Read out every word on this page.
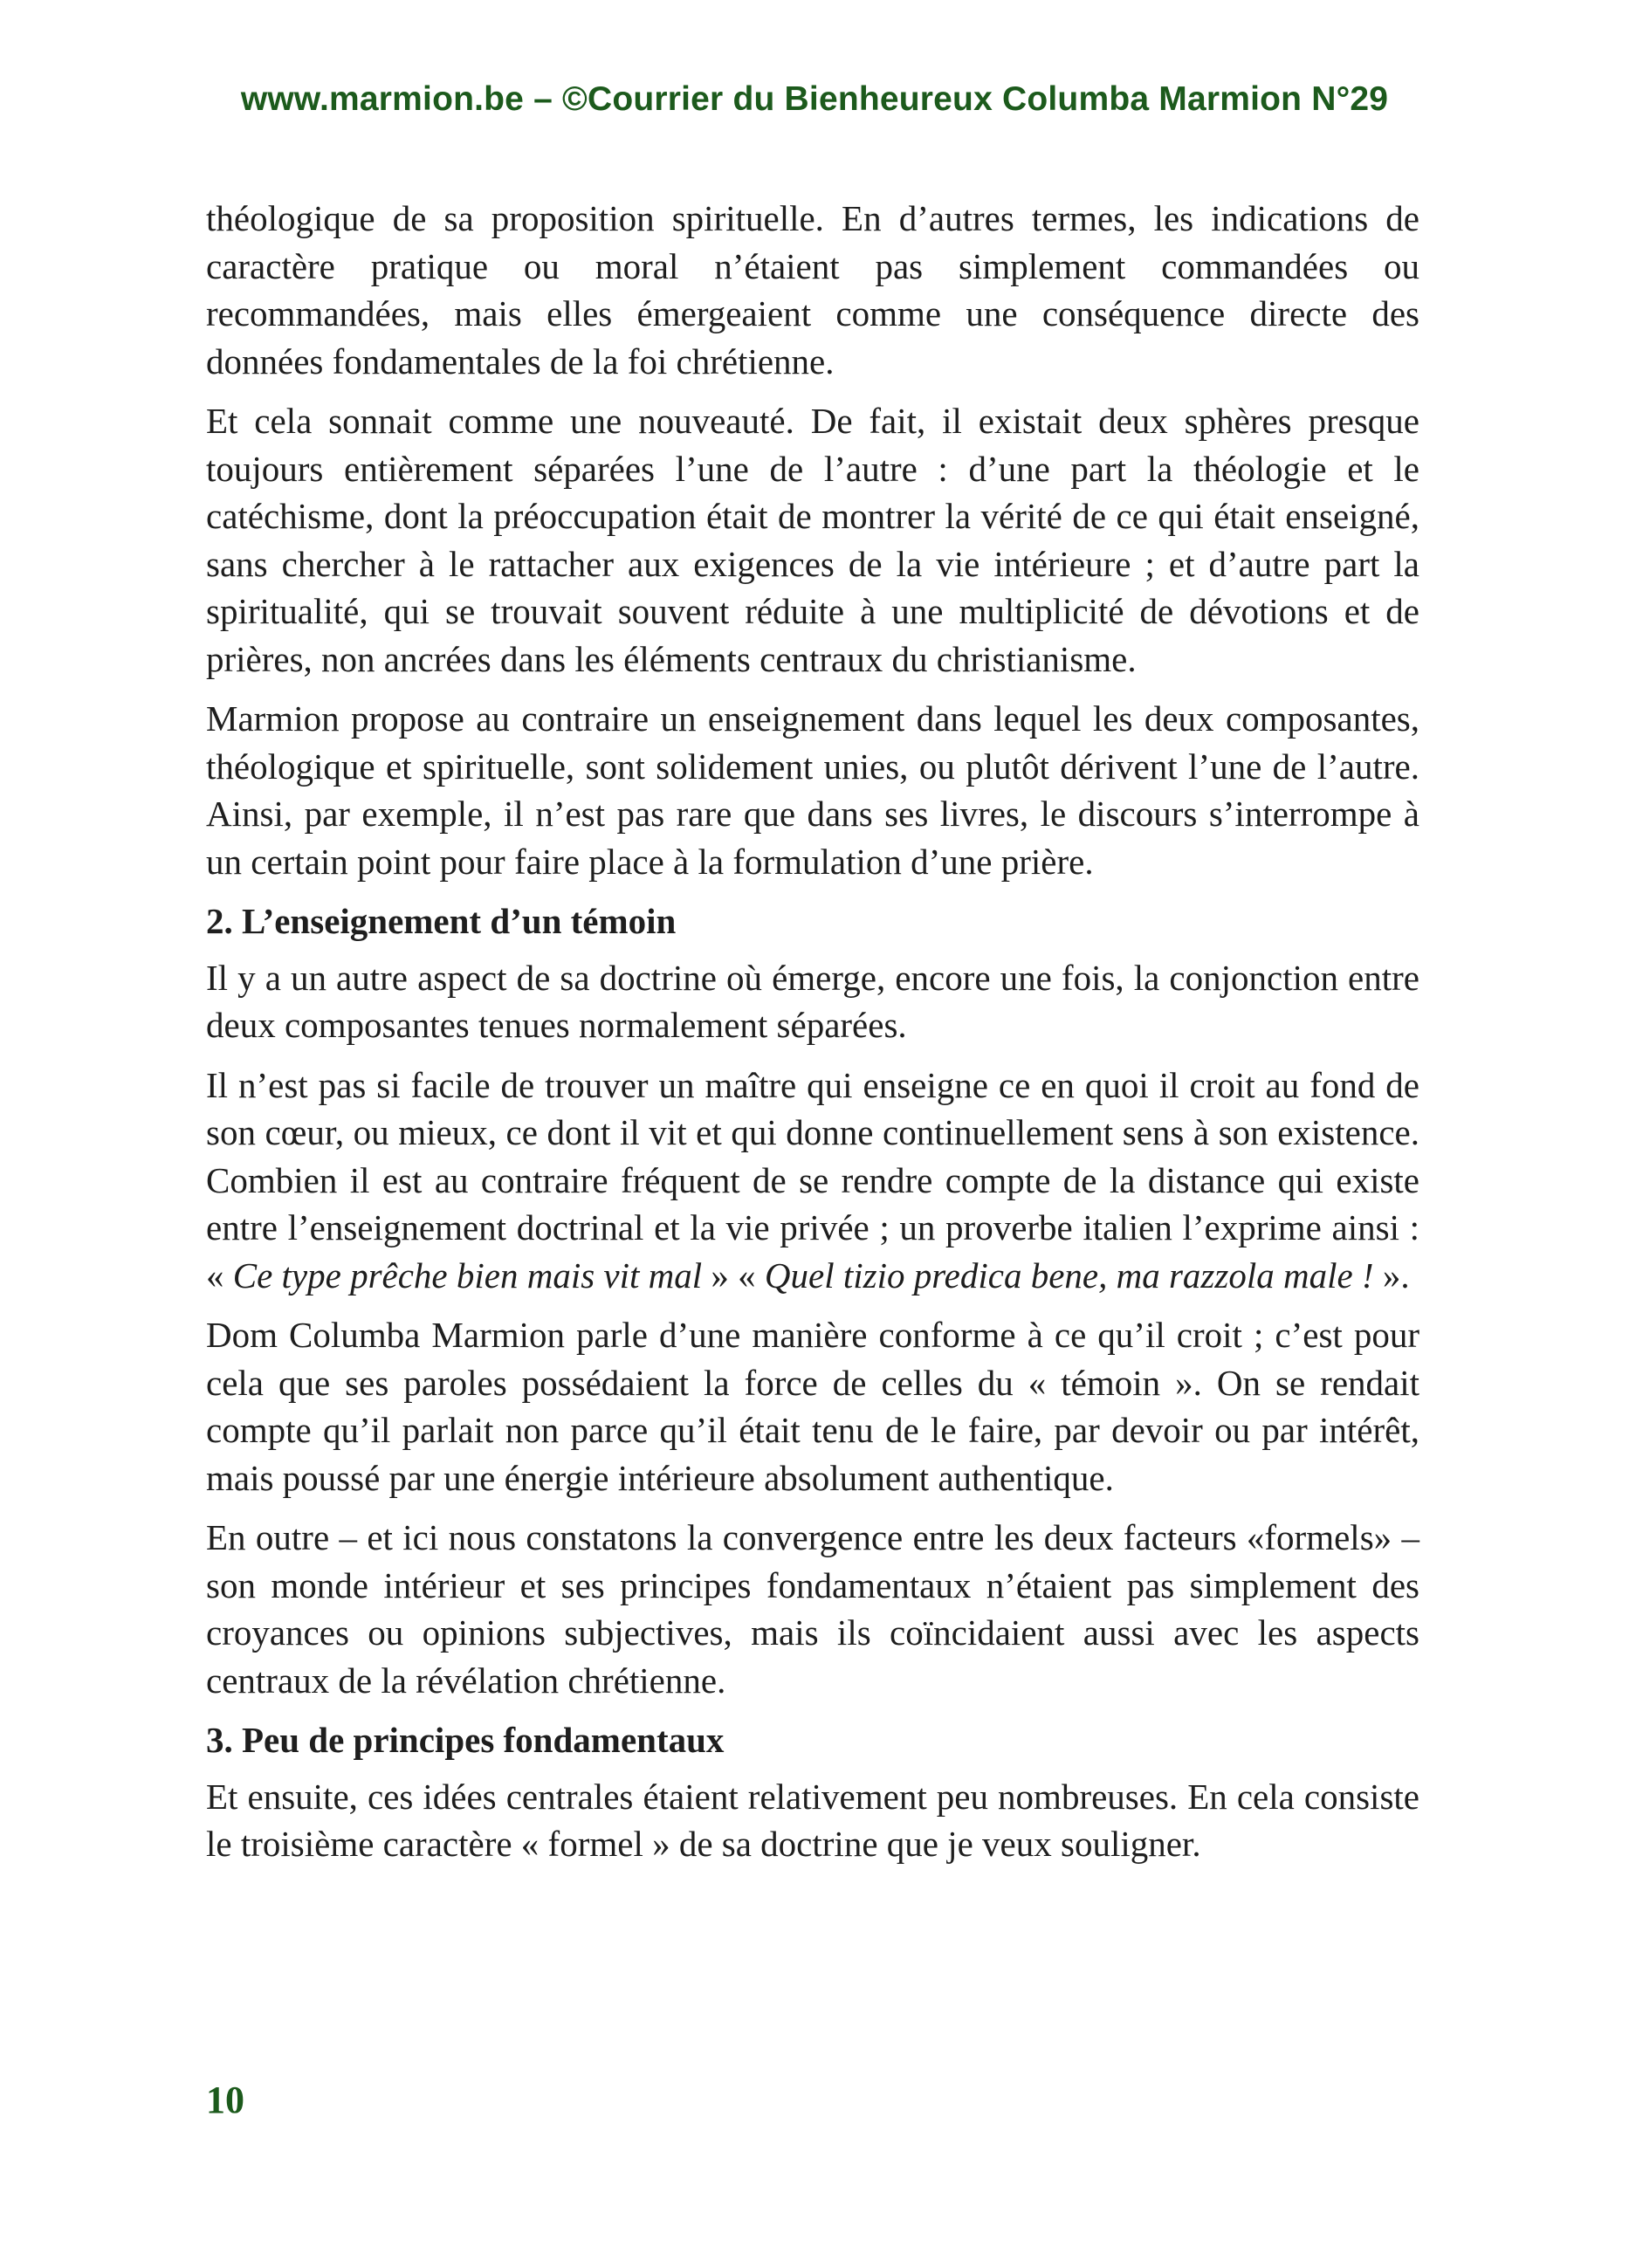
www.marmion.be – ©Courrier du Bienheureux Columba Marmion N°29

théologique de sa proposition spirituelle. En d’autres termes, les indications de caractère pratique ou moral n’étaient pas simplement commandées ou recommandées, mais elles émergeaient comme une conséquence directe des données fondamentales de la foi chrétienne.

Et cela sonnait comme une nouveauté. De fait, il existait deux sphères presque toujours entièrement séparées l’une de l’autre : d’une part la théologie et le catéchisme, dont la préoccupation était de montrer la vérité de ce qui était enseigné, sans chercher à le rattacher aux exigences de la vie intérieure ; et d’autre part la spiritualité, qui se trouvait souvent réduite à une multiplicité de dévotions et de prières, non ancrées dans les éléments centraux du christianisme.

Marmion propose au contraire un enseignement dans lequel les deux composantes, théologique et spirituelle, sont solidement unies, ou plutôt dérivent l’une de l’autre. Ainsi, par exemple, il n’est pas rare que dans ses livres, le discours s’interrompe à un certain point pour faire place à la formulation d’une prière.

2. L’enseignement d’un témoin

Il y a un autre aspect de sa doctrine où émerge, encore une fois, la conjonction entre deux composantes tenues normalement séparées.

Il n’est pas si facile de trouver un maître qui enseigne ce en quoi il croit au fond de son cœur, ou mieux, ce dont il vit et qui donne continuellement sens à son existence. Combien il est au contraire fréquent de se rendre compte de la distance qui existe entre l’enseignement doctrinal et la vie privée ; un proverbe italien l’exprime ainsi : « Ce type prêche bien mais vit mal » « Quel tizio predica bene, ma razzola male ! ».

Dom Columba Marmion parle d’une manière conforme à ce qu’il croit ; c’est pour cela que ses paroles possédaient la force de celles du « témoin ». On se rendait compte qu’il parlait non parce qu’il était tenu de le faire, par devoir ou par intérêt, mais poussé par une énergie intérieure absolument authentique.

En outre – et ici nous constatons la convergence entre les deux facteurs «formels» – son monde intérieur et ses principes fondamentaux n’étaient pas simplement des croyances ou opinions subjectives, mais ils coïncidaient aussi avec les aspects centraux de la révélation chrétienne.

3. Peu de principes fondamentaux

Et ensuite, ces idées centrales étaient relativement peu nombreuses. En cela consiste le troisième caractère « formel » de sa doctrine que je veux souligner.

10
